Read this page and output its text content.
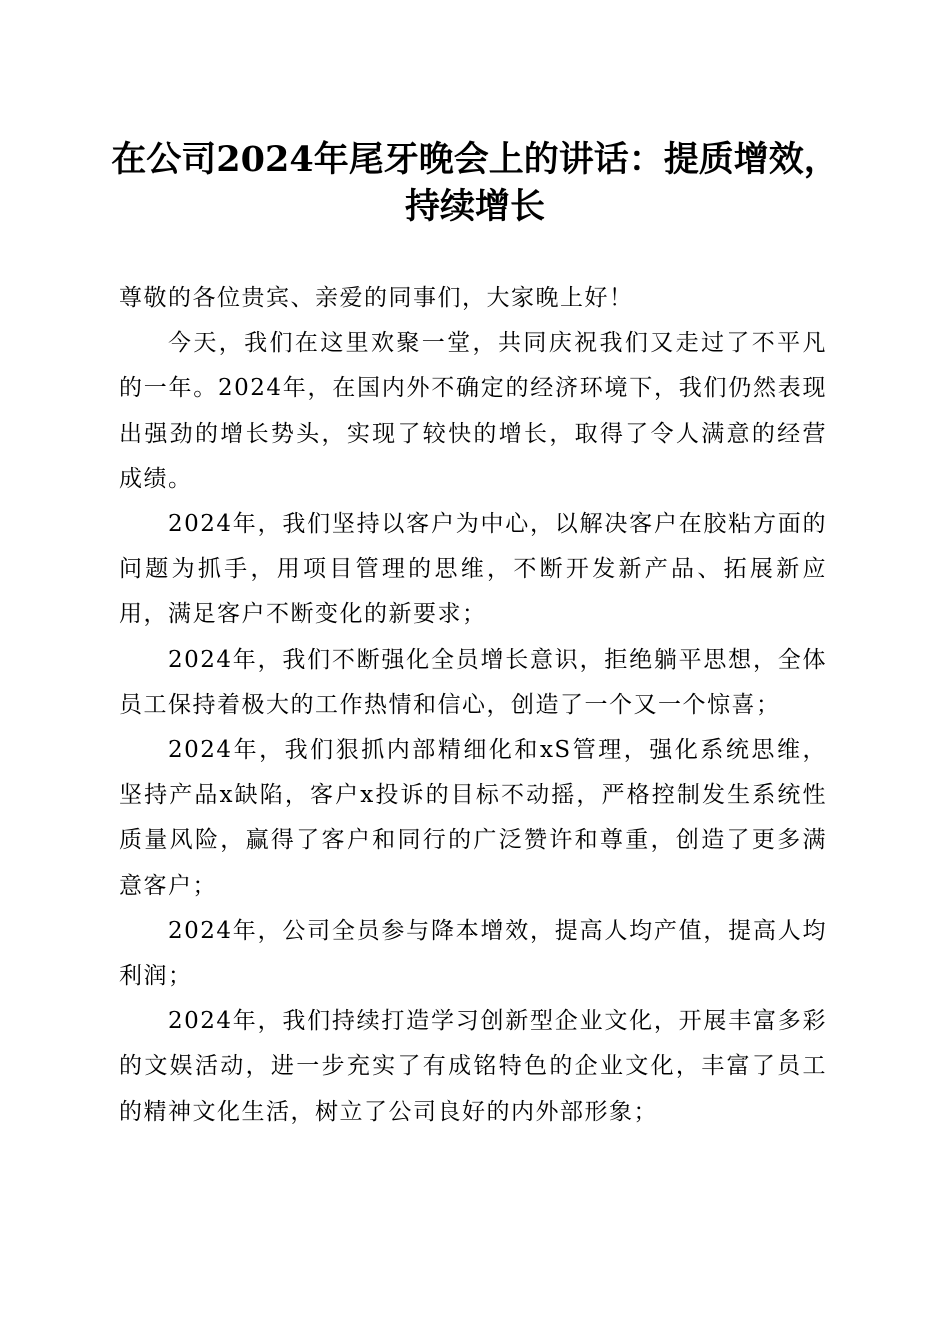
在公司2024年尾牙晚会上的讲话：提质增效，持续增长

尊敬的各位贵宾、亲爱的同事们，大家晚上好！

今天，我们在这里欢聚一堂，共同庆祝我们又走过了不平凡的一年。2024年，在国内外不确定的经济环境下，我们仍然表现出强劲的增长势头，实现了较快的增长，取得了令人满意的经营成绩。

2024年，我们坚持以客户为中心，以解决客户在胶粘方面的问题为抓手，用项目管理的思维，不断开发新产品、拓展新应用，满足客户不断变化的新要求；

2024年，我们不断强化全员增长意识，拒绝躺平思想，全体员工保持着极大的工作热情和信心，创造了一个又一个惊喜；

2024年，我们狠抓内部精细化和xS管理，强化系统思维，坚持产品x缺陷，客户x投诉的目标不动摇，严格控制发生系统性质量风险，赢得了客户和同行的广泛赞许和尊重，创造了更多满意客户；

2024年，公司全员参与降本增效，提高人均产值，提高人均利润；

2024年，我们持续打造学习创新型企业文化，开展丰富多彩的文娱活动，进一步充实了有成铭特色的企业文化，丰富了员工的精神文化生活，树立了公司良好的内外部形象；
